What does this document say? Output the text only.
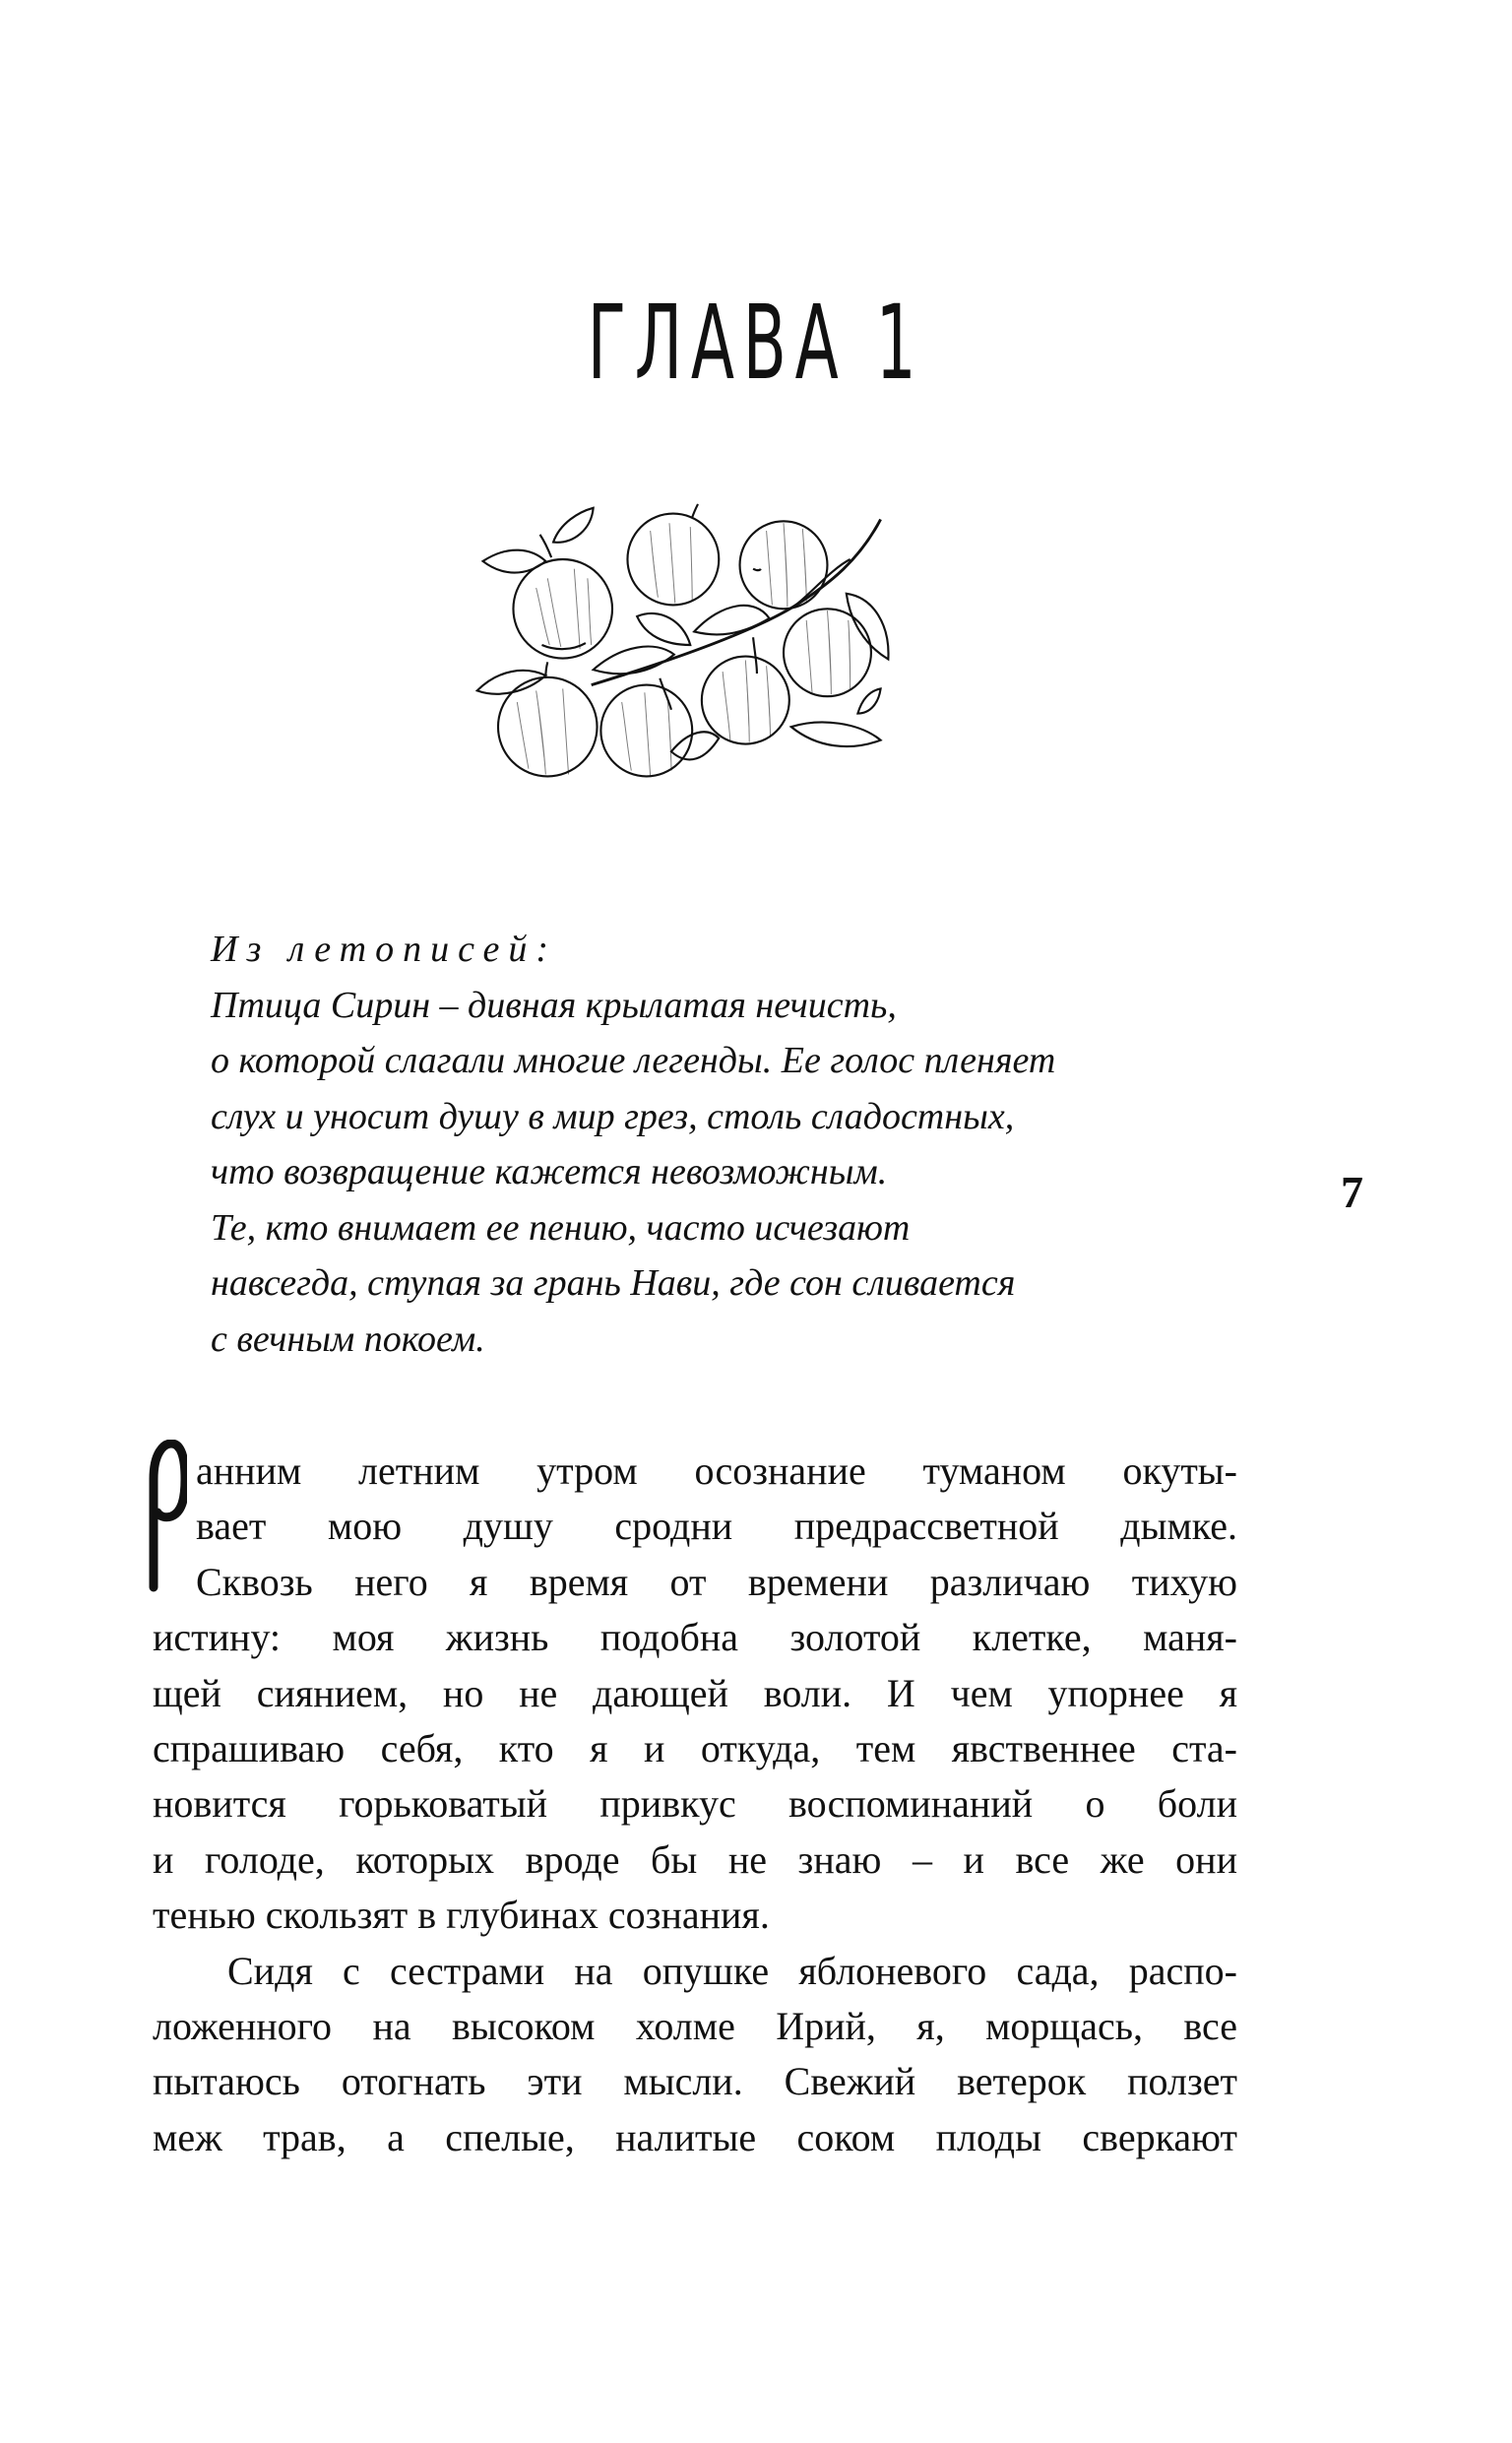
ГЛАВА 1
Из летописей:
Птица Сирин – дивная крылатая нечисть,
о которой слагали многие легенды. Ее голос пленяет
слух и уносит душу в мир грез, столь сладостных,
что возвращение кажется невозможным.
Те, кто внимает ее пению, часто исчезают
навсегда, ступая за грань Нави, где сон сливается
с вечным покоем.
7
анним летним утром осознание туманом окуты-
вает мою душу сродни предрассветной дымке.
Сквозь него я время от времени различаю тихую
истину: моя жизнь подобна золотой клетке, маня-
щей сиянием, но не дающей воли. И чем упорнее я
спрашиваю себя, кто я и откуда, тем явственнее ста-
новится горьковатый привкус воспоминаний о боли
и голоде, которых вроде бы не знаю – и все же они
тенью скользят в глубинах сознания.
Сидя с сестрами на опушке яблоневого сада, распо-
ложенного на высоком холме Ирий, я, морщась, все
пытаюсь отогнать эти мысли. Свежий ветерок ползет
меж трав, а спелые, налитые соком плоды сверкают
